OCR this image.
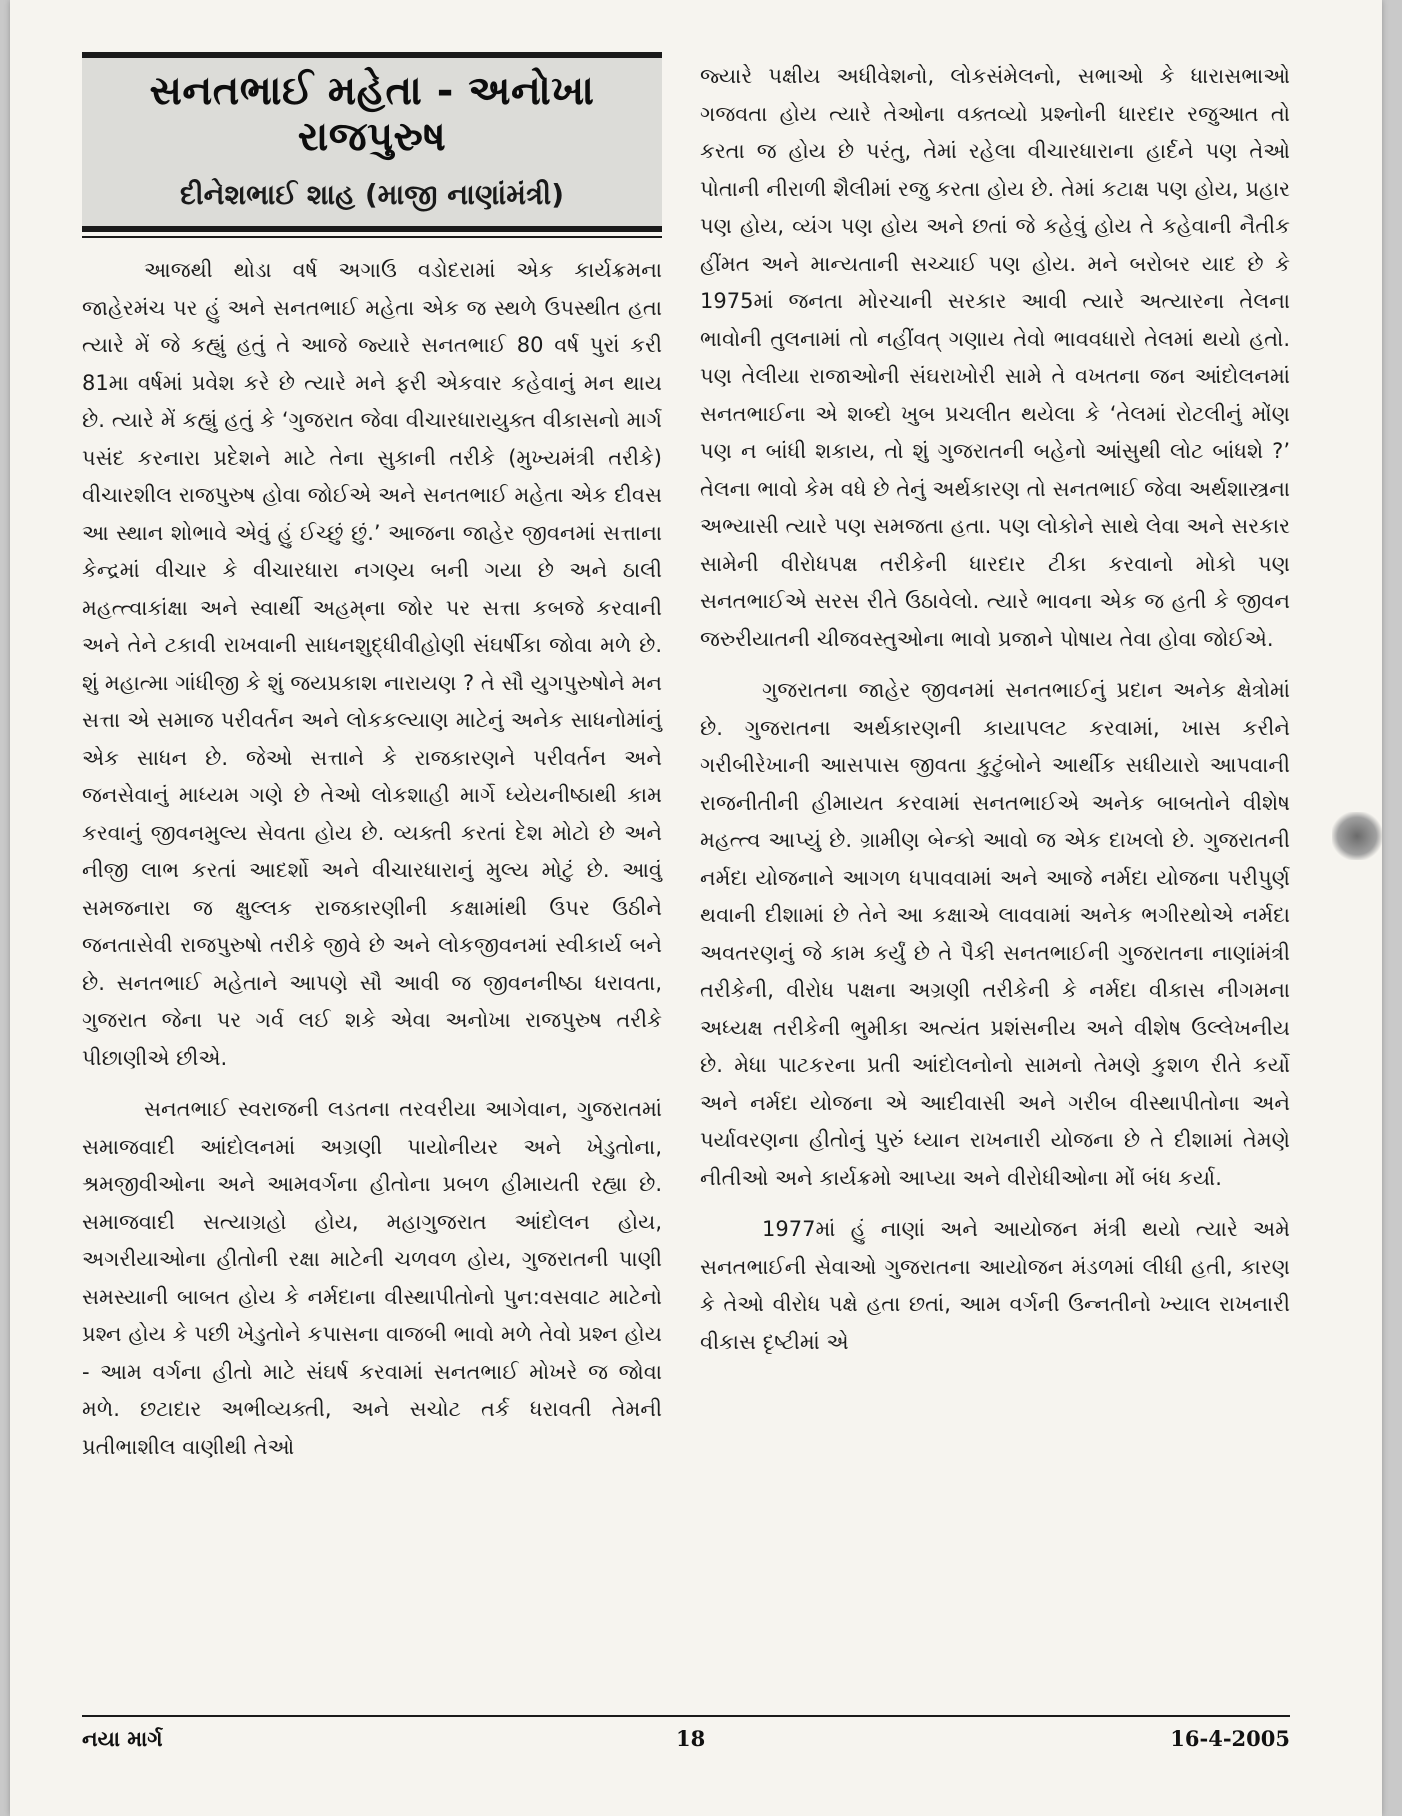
સનતભાઈ મહેતા - અનોખા રાજપુરુષ
દીનેશભાઈ શાહ (માજી નાણાંમંત્રી)

આજથી થોડા વર્ષ અગાઉ વડોદરામાં એક કાર્યક્રમના જાહેરમંચ પર હું અને સનતભાઈ મહેતા એક જ સ્થળે ઉપસ્થીત હતા ત્યારે મેં જે કહ્યું હતું તે આજે જ્યારે સનતભાઈ 80 વર્ષ પુરાં કરી 81મા વર્ષમાં પ્રવેશ કરે છે ત્યારે મને ફરી એકવાર કહેવાનું મન થાય છે. ત્યારે મેં કહ્યું હતું કે ‘ગુજરાત જેવા વીચારધારાયુક્ત વીકાસનો માર્ગ પસંદ કરનારા પ્રદેશને માટે તેના સુકાની તરીકે (મુખ્યમંત્રી તરીકે) વીચારશીલ રાજપુરુષ હોવા જોઈએ અને સનતભાઈ મહેતા એક દીવસ આ સ્થાન શોભાવે એવું હું ઈચ્છું છું.’ આજના જાહેર જીવનમાં સત્તાના કેન્દ્રમાં વીચાર કે વીચારધારા નગણ્ય બની ગયા છે અને ઠાલી મહત્ત્વાકાંક્ષા અને સ્વાર્થી અહમ્‌ના જોર પર સત્તા કબજે કરવાની અને તેને ટકાવી રાખવાની સાધનશુદ્ધીવીહોણી સંઘર્ષીકા જોવા મળે છે. શું મહાત્મા ગાંધીજી કે શું જયપ્રકાશ નારાયણ ? તે સૌ યુગપુરુષોને મન સત્તા એ સમાજ પરીવર્તન અને લોકકલ્યાણ માટેનું અનેક સાધનોમાંનું એક સાધન છે. જેઓ સત્તાને કે રાજકારણને પરીવર્તન અને જનસેવાનું માધ્યમ ગણે છે તેઓ લોકશાહી માર્ગે ધ્યેયનીષ્ઠાથી કામ કરવાનું જીવનમુલ્ય સેવતા હોય છે. વ્યક્તી કરતાં દેશ મોટો છે અને નીજી લાભ કરતાં આદર્શો અને વીચારધારાનું મુલ્ય મોટું છે. આવું સમજનારા જ ક્ષુલ્લક રાજકારણીની કક્ષામાંથી ઉપર ઉઠીને જનતાસેવી રાજપુરુષો તરીકે જીવે છે અને લોકજીવનમાં સ્વીકાર્ય બને છે. સનતભાઈ મહેતાને આપણે સૌ આવી જ જીવનનીષ્ઠા ધરાવતા, ગુજરાત જેના પર ગર્વ લઈ શકે એવા અનોખા રાજપુરુષ તરીકે પીછાણીએ છીએ.

સનતભાઈ સ્વરાજની લડતના તરવરીયા આગેવાન, ગુજરાતમાં સમાજવાદી આંદોલનમાં અગ્રણી પાયોનીયર અને ખેડુતોના, શ્રમજીવીઓના અને આમવર્ગના હીતોના પ્રબળ હીમાયતી રહ્યા છે. સમાજવાદી સત્યાગ્રહો હોય, મહાગુજરાત આંદોલન હોય, અગરીયાઓના હીતોની રક્ષા માટેની ચળવળ હોય, ગુજરાતની પાણી સમસ્યાની બાબત હોય કે નર્મદાના વીસ્થાપીતોનો પુન:વસવાટ માટેનો પ્રશ્ન હોય કે પછી ખેડુતોને કપાસના વાજબી ભાવો મળે તેવો પ્રશ્ન હોય - આમ વર્ગના હીતો માટે સંઘર્ષ કરવામાં સનતભાઈ મોખરે જ જોવા મળે. છટાદાર અભીવ્યક્તી, અને સચોટ તર્ક ધરાવતી તેમની પ્રતીભાશીલ વાણીથી તેઓ

જ્યારે પક્ષીય અધીવેશનો, લોકસંમેલનો, સભાઓ કે ધારાસભાઓ ગજવતા હોય ત્યારે તેઓના વક્તવ્યો પ્રશ્નોની ધારદાર રજુઆત તો કરતા જ હોય છે પરંતુ, તેમાં રહેલા વીચારધારાના હાર્દને પણ તેઓ પોતાની નીરાળી શૈલીમાં રજુ કરતા હોય છે. તેમાં કટાક્ષ પણ હોય, પ્રહાર પણ હોય, વ્યંગ પણ હોય અને છતાં જે કહેવું હોય તે કહેવાની નૈતીક હીંમત અને માન્યતાની સચ્ચાઈ પણ હોય. મને બરોબર યાદ છે કે 1975માં જનતા મોરચાની સરકાર આવી ત્યારે અત્યારના તેલના ભાવોની તુલનામાં તો નહીંવત્ ગણાય તેવો ભાવવધારો તેલમાં થયો હતો. પણ તેલીયા રાજાઓની સંઘરાખોરી સામે તે વખતના જન આંદોલનમાં સનતભાઈના એ શબ્દો ખુબ પ્રચલીત થયેલા કે ‘તેલમાં રોટલીનું મોંણ પણ ન બાંધી શકાય, તો શું ગુજરાતની બહેનો આંસુથી લોટ બાંધશે ?’ તેલના ભાવો કેમ વધે છે તેનું અર્થકારણ તો સનતભાઈ જેવા અર્થશાસ્ત્રના અભ્યાસી ત્યારે પણ સમજતા હતા. પણ લોકોને સાથે લેવા અને સરકાર સામેની વીરોધપક્ષ તરીકેની ધારદાર ટીકા કરવાનો મોકો પણ સનતભાઈએ સરસ રીતે ઉઠાવેલો. ત્યારે ભાવના એક જ હતી કે જીવન જરુરીયાતની ચીજવસ્તુઓના ભાવો પ્રજાને પોષાય તેવા હોવા જોઈએ.

ગુજરાતના જાહેર જીવનમાં સનતભાઈનું પ્રદાન અનેક ક્ષેત્રોમાં છે. ગુજરાતના અર્થકારણની કાયાપલટ કરવામાં, ખાસ કરીને ગરીબીરેખાની આસપાસ જીવતા કુટુંબોને આર્થીક સધીયારો આપવાની રાજનીતીની હીમાયત કરવામાં સનતભાઈએ અનેક બાબતોને વીશેષ મહત્ત્વ આપ્યું છે. ગ્રામીણ બેન્કો આવો જ એક દાખલો છે. ગુજરાતની નર્મદા યોજનાને આગળ ધપાવવામાં અને આજે નર્મદા યોજના પરીપુર્ણ થવાની દીશામાં છે તેને આ કક્ષાએ લાવવામાં અનેક ભગીરથોએ નર્મદા અવતરણનું જે કામ કર્યું છે તે પૈકી સનતભાઈની ગુજરાતના નાણાંમંત્રી તરીકેની, વીરોધ પક્ષના અગ્રણી તરીકેની કે નર્મદા વીકાસ નીગમના અધ્યક્ષ તરીકેની ભુમીકા અત્યંત પ્રશંસનીય અને વીશેષ ઉલ્લેખનીય છે. મેધા પાટકરના પ્રતી આંદોલનોનો સામનો તેમણે કુશળ રીતે કર્યો અને નર્મદા યોજના એ આદીવાસી અને ગરીબ વીસ્થાપીતોના અને પર્યાવરણના હીતોનું પુરું ધ્યાન રાખનારી યોજના છે તે દીશામાં તેમણે નીતીઓ અને કાર્યક્રમો આપ્યા અને વીરોધીઓના મોં બંધ કર્યા.

1977માં હું નાણાં અને આયોજન મંત્રી થયો ત્યારે અમે સનતભાઈની સેવાઓ ગુજરાતના આયોજન મંડળમાં લીધી હતી, કારણ કે તેઓ વીરોધ પક્ષે હતા છતાં, આમ વર્ગની ઉન્નતીનો ખ્યાલ રાખનારી વીકાસ દૃષ્ટીમાં એ

નયા માર્ગ	18	16-4-2005
